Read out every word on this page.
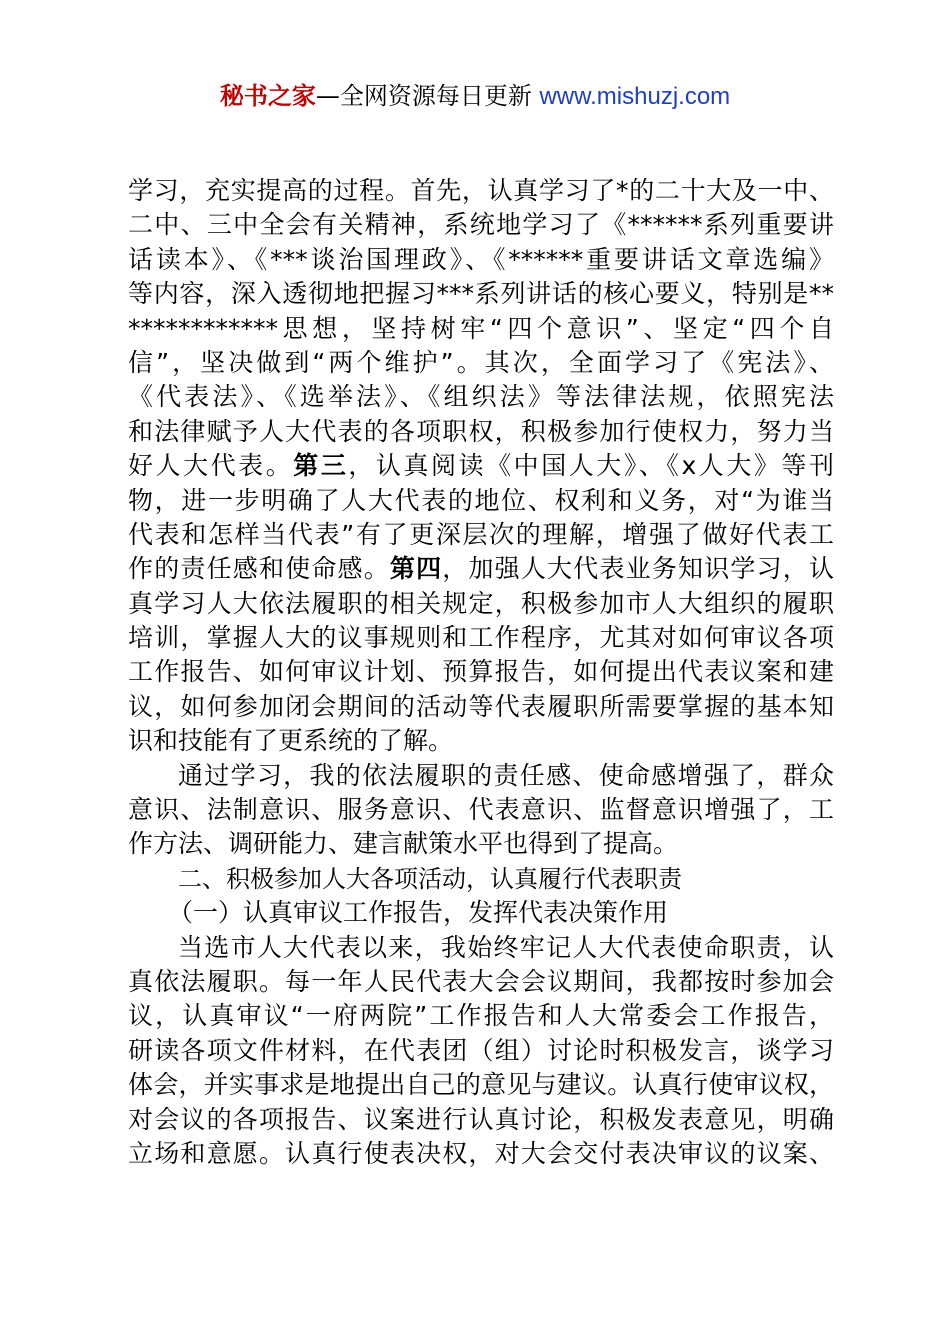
秘书之家—全网资源每日更新 www.mishuzj.com
学习，充实提高的过程。首先，认真学习了*的二十大及一中、
二中、三中全会有关精神，系统地学习了《******系列重要讲
话读本》、《***谈治国理政》、《******重要讲话文章选编》
等内容，深入透彻地把握习***系列讲话的核心要义，特别是**
************思想，坚持树牢“四个意识”、坚定“四个自
信”，坚决做到“两个维护”。其次，全面学习了《宪法》、
《代表法》、《选举法》、《组织法》等法律法规，依照宪法
和法律赋予人大代表的各项职权，积极参加行使权力，努力当
好人大代表。第三，认真阅读《中国人大》、《x人大》等刊
物，进一步明确了人大代表的地位、权利和义务，对“为谁当
代表和怎样当代表”有了更深层次的理解，增强了做好代表工
作的责任感和使命感。第四，加强人大代表业务知识学习，认
真学习人大依法履职的相关规定，积极参加市人大组织的履职
培训，掌握人大的议事规则和工作程序，尤其对如何审议各项
工作报告、如何审议计划、预算报告，如何提出代表议案和建
议，如何参加闭会期间的活动等代表履职所需要掌握的基本知
识和技能有了更系统的了解。
通过学习，我的依法履职的责任感、使命感增强了，群众
意识、法制意识、服务意识、代表意识、监督意识增强了，工
作方法、调研能力、建言献策水平也得到了提高。
二、积极参加人大各项活动，认真履行代表职责
（一）认真审议工作报告，发挥代表决策作用
当选市人大代表以来，我始终牢记人大代表使命职责，认
真依法履职。每一年人民代表大会会议期间，我都按时参加会
议，认真审议“一府两院”工作报告和人大常委会工作报告，
研读各项文件材料，在代表团（组）讨论时积极发言，谈学习
体会，并实事求是地提出自己的意见与建议。认真行使审议权，
对会议的各项报告、议案进行认真讨论，积极发表意见，明确
立场和意愿。认真行使表决权，对大会交付表决审议的议案、
